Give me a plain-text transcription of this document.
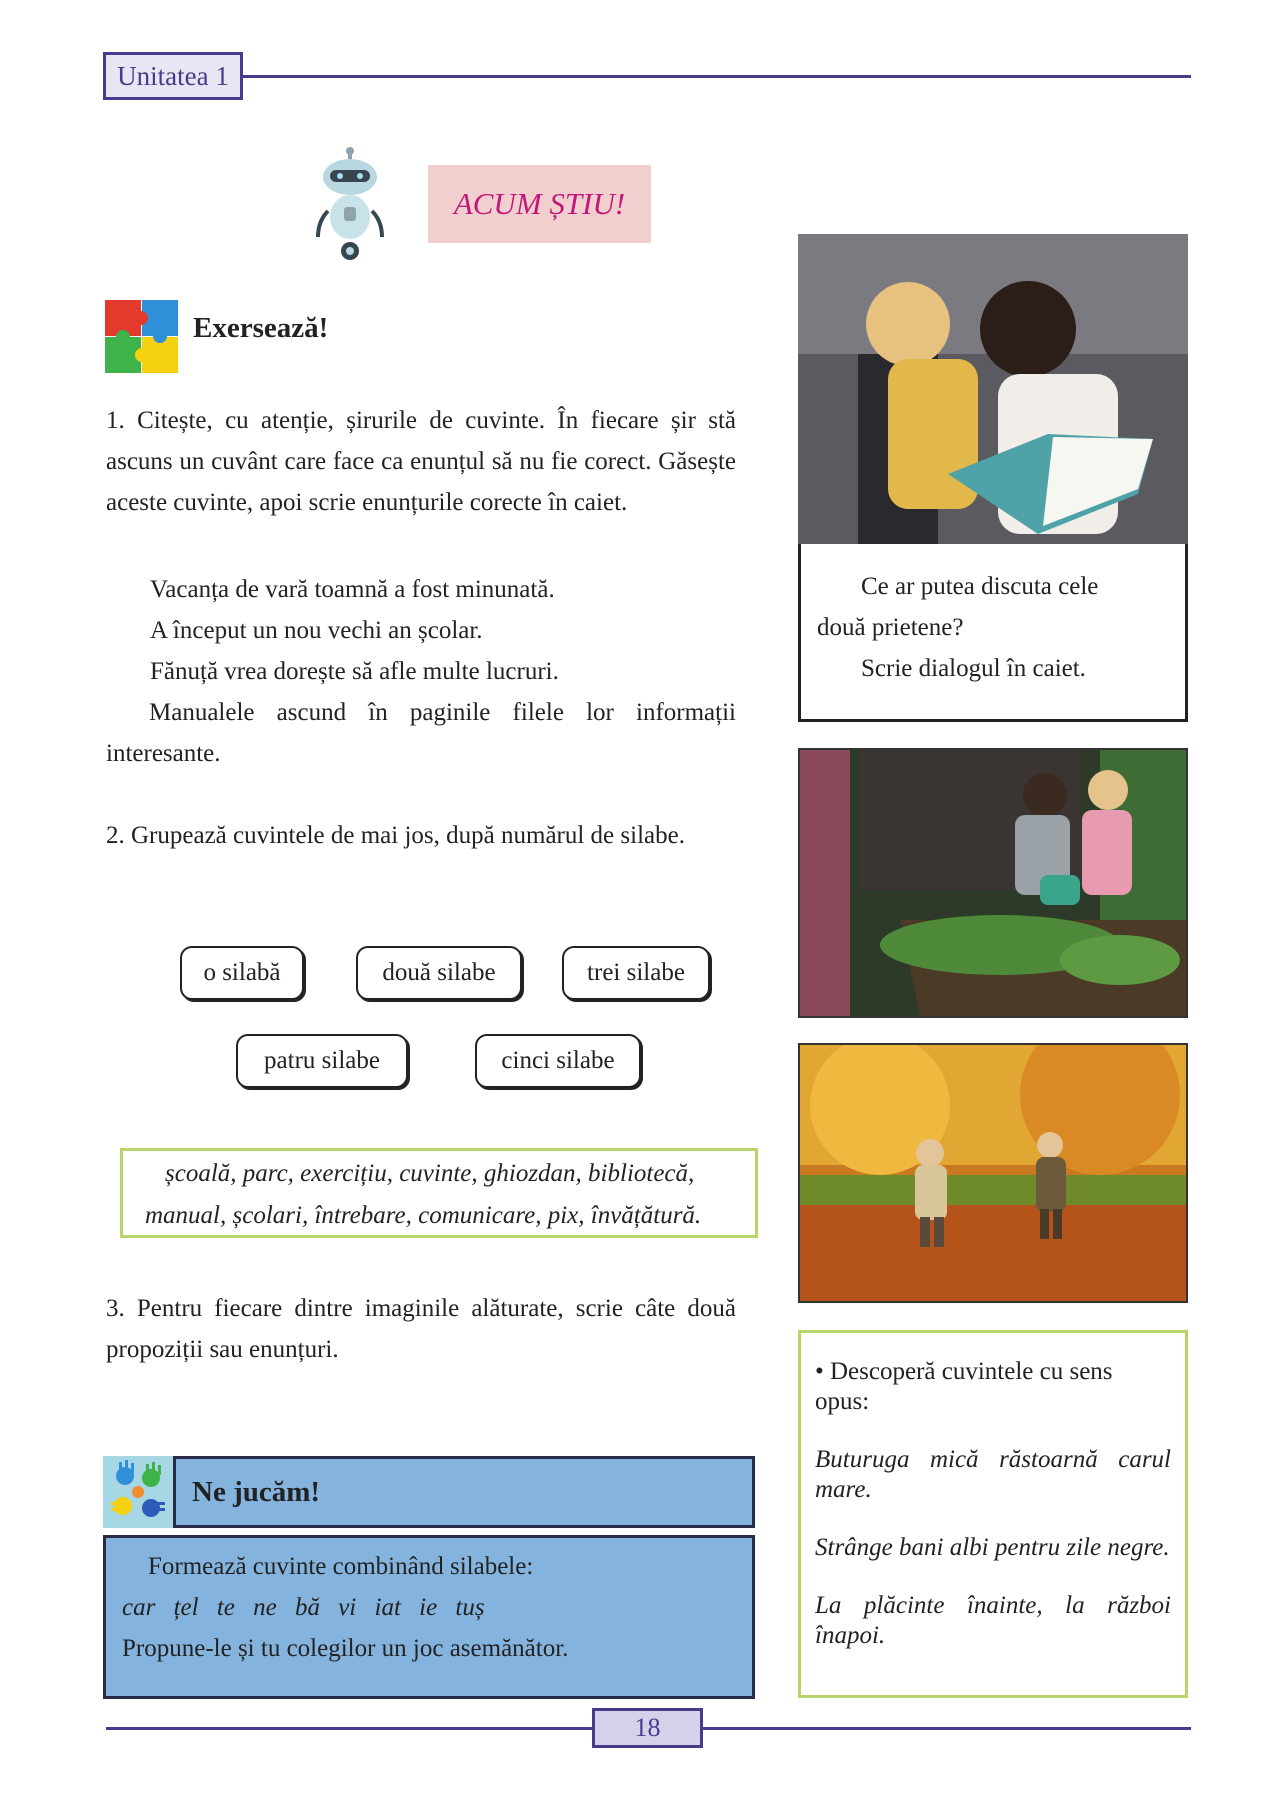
Unitatea 1
ACUM ȘTIU!
Exersează!
1. Citește, cu atenție, șirurile de cuvinte. În fiecare șir stă ascuns un cuvânt care face ca enunțul să nu fie corect. Găsește aceste cuvinte, apoi scrie enunțurile corecte în caiet.
Vacanța de vară toamnă a fost minunată.
A început un nou vechi an școlar.
Fănuță vrea dorește să afle multe lucruri.
Manualele ascund în paginile filele lor informații interesante.
2. Grupează cuvintele de mai jos, după numărul de silabe.
o silabă	două silabe	trei silabe
patru silabe	cinci silabe
școală, parc, exercițiu, cuvinte, ghiozdan, bibliotecă,
manual, școlari, întrebare, comunicare, pix, învățătură.
3. Pentru fiecare dintre imaginile alăturate, scrie câte două propoziții sau enunțuri.
Ne jucăm!
Formează cuvinte combinând silabele:
car țel te ne bă vi iat ie tuș
Propune-le și tu colegilor un joc asemănător.
Ce ar putea discuta cele
două prietene?
Scrie dialogul în caiet.
• Descoperă cuvintele cu sens opus:
Buturuga mică răstoarnă carul mare.
Strânge bani albi pentru zile negre.
La plăcinte înainte, la război înapoi.
18
